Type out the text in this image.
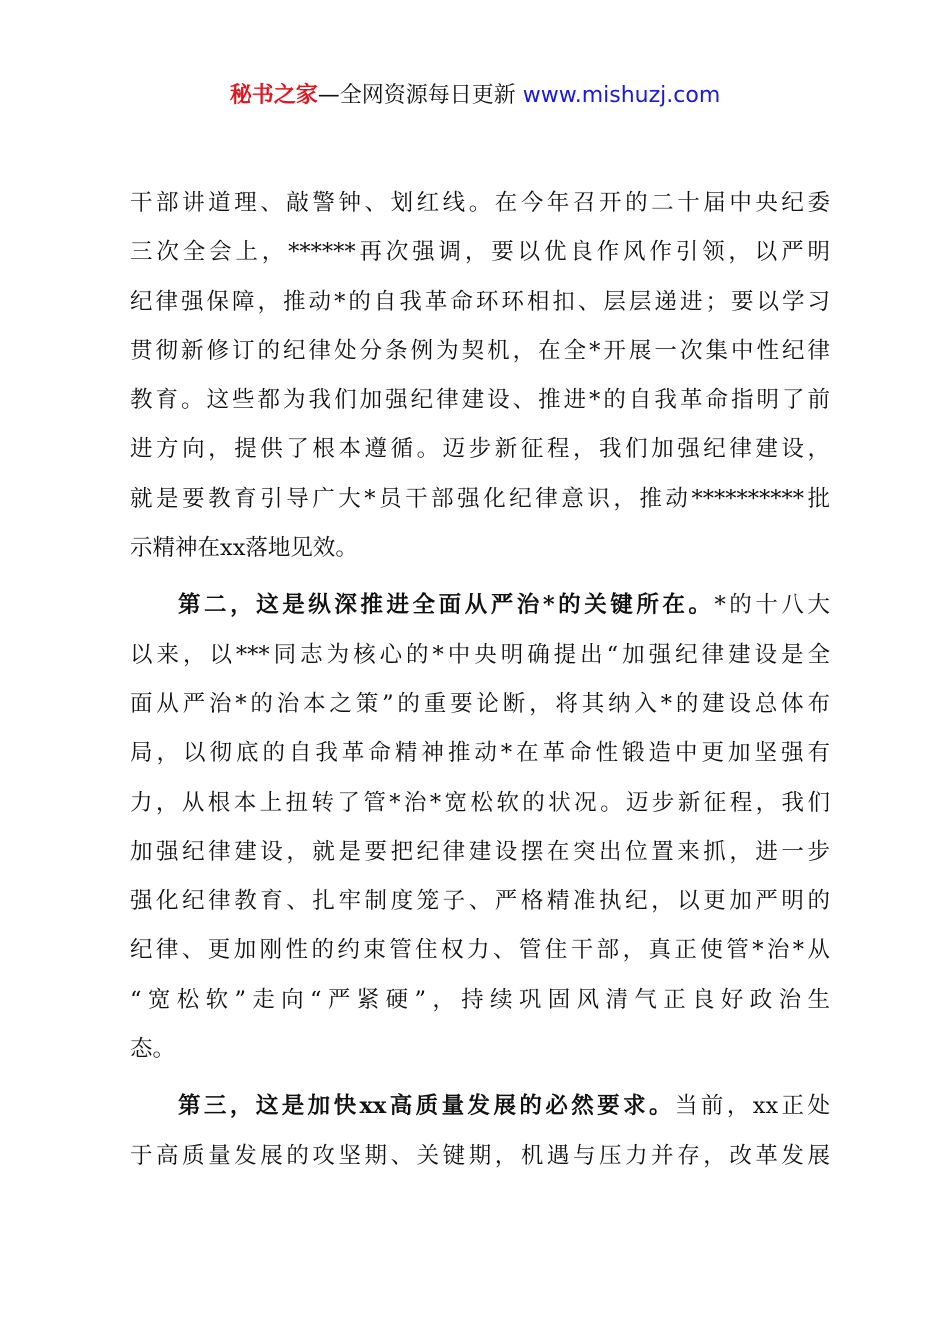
秘书之家—全网资源每日更新 www.mishuzj.com
干部讲道理、敲警钟、划红线。在今年召开的二十届中央纪委
三次全会上，******再次强调，要以优良作风作引领，以严明
纪律强保障，推动*的自我革命环环相扣、层层递进；要以学习
贯彻新修订的纪律处分条例为契机，在全*开展一次集中性纪律
教育。这些都为我们加强纪律建设、推进*的自我革命指明了前
进方向，提供了根本遵循。迈步新征程，我们加强纪律建设，
就是要教育引导广大*员干部强化纪律意识，推动**********批
示精神在xx落地见效。
第二，这是纵深推进全面从严治*的关键所在。*的十八大
以来，以***同志为核心的*中央明确提出“加强纪律建设是全
面从严治*的治本之策”的重要论断，将其纳入*的建设总体布
局，以彻底的自我革命精神推动*在革命性锻造中更加坚强有
力，从根本上扭转了管*治*宽松软的状况。迈步新征程，我们
加强纪律建设，就是要把纪律建设摆在突出位置来抓，进一步
强化纪律教育、扎牢制度笼子、严格精准执纪，以更加严明的
纪律、更加刚性的约束管住权力、管住干部，真正使管*治*从
“宽松软”走向“严紧硬”，持续巩固风清气正良好政治生
态。
第三，这是加快xx高质量发展的必然要求。当前，xx正处
于高质量发展的攻坚期、关键期，机遇与压力并存，改革发展
